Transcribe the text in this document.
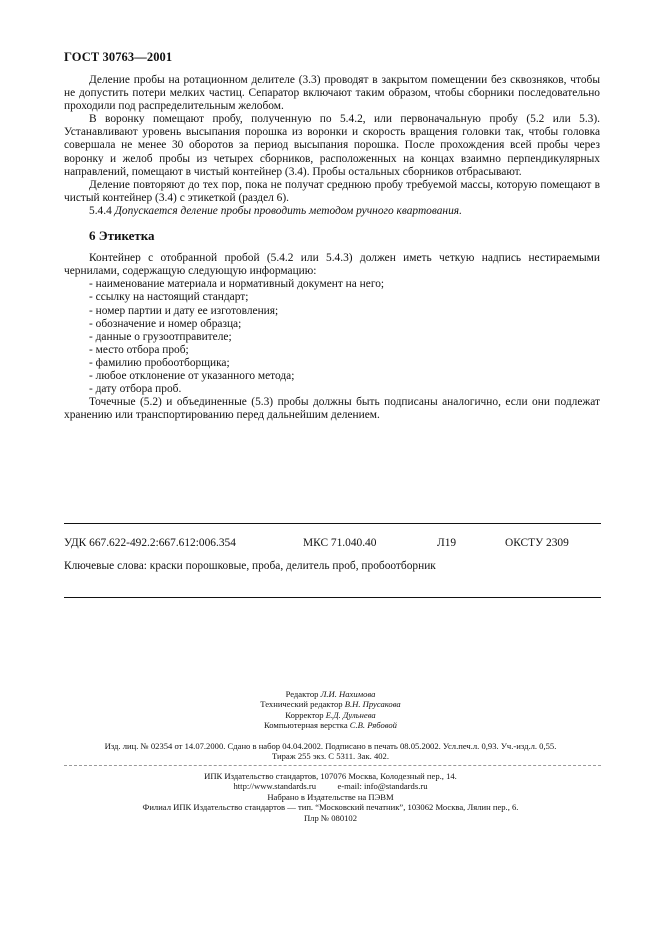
ГОСТ 30763—2001

Деление пробы на ротационном делителе (3.3) проводят в закрытом помещении без сквозняков, чтобы не допустить потери мелких частиц. Сепаратор включают таким образом, чтобы сборники последовательно проходили под распределительным желобом.

В воронку помещают пробу, полученную по 5.4.2, или первоначальную пробу (5.2 или 5.3). Устанавливают уровень высыпания порошка из воронки и скорость вращения головки так, чтобы головка совершала не менее 30 оборотов за период высыпания порошка. После прохождения всей пробы через воронку и желоб пробы из четырех сборников, расположенных на концах взаимно перпендикулярных направлений, помещают в чистый контейнер (3.4). Пробы остальных сборников отбрасывают.

Деление повторяют до тех пор, пока не получат среднюю пробу требуемой массы, которую помещают в чистый контейнер (3.4) с этикеткой (раздел 6).

5.4.4 Допускается деление пробы проводить методом ручного квартования.

6 Этикетка

Контейнер с отобранной пробой (5.4.2 или 5.4.3) должен иметь четкую надпись нестираемыми чернилами, содержащую следующую информацию:

- наименование материала и нормативный документ на него;
- ссылку на настоящий стандарт;
- номер партии и дату ее изготовления;
- обозначение и номер образца;
- данные о грузоотправителе;
- место отбора проб;
- фамилию пробоотборщика;
- любое отклонение от указанного метода;
- дату отбора проб.

Точечные (5.2) и объединенные (5.3) пробы должны быть подписаны аналогично, если они подлежат хранению или транспортированию перед дальнейшим делением.

УДК 667.622-492.2:667.612:006.354	МКС 71.040.40	Л19	ОКСТУ 2309
Ключевые слова: краски порошковые, проба, делитель проб, пробоотборник
Редактор Л.И. Нахимова
Технический редактор В.Н. Прусакова
Корректор Е.Д. Дульнева
Компьютерная верстка С.В. Рябовой
Изд. лиц. № 02354 от 14.07.2000. Сдано в набор 04.04.2002. Подписано в печать 08.05.2002. Усл.печ.л. 0,93. Уч.-изд.л. 0,55.
Тираж 255 экз. С 5311. Зак. 402.
ИПК Издательство стандартов, 107076 Москва, Колодезный пер., 14.
http://www.standards.ru          e-mail: info@standards.ru
Набрано в Издательстве на ПЭВМ
Филиал ИПК Издательство стандартов — тип. “Московский печатник”, 103062 Москва, Лялин пер., 6.
Плр № 080102
